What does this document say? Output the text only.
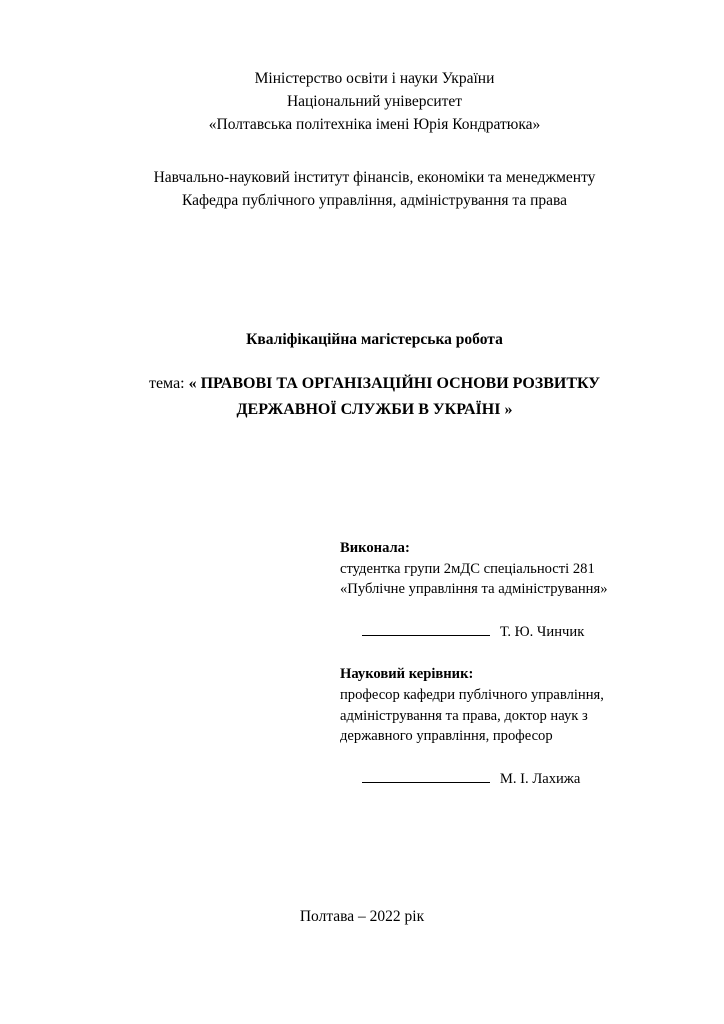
Міністерство освіти і науки України
Національний університет
«Полтавська політехніка імені Юрія Кондратюка»
Навчально-науковий інститут фінансів, економіки та менеджменту
Кафедра публічного управління, адміністрування та права
Кваліфікаційна магістерська робота
тема: « ПРАВОВІ ТА ОРГАНІЗАЦІЙНІ ОСНОВИ РОЗВИТКУ
ДЕРЖАВНОЇ СЛУЖБИ В УКРАЇНІ »
Виконала:
студентка групи 2мДС спеціальності 281
«Публічне управління та адміністрування»

Т. Ю. Чинчик

Науковий керівник:
професор кафедри публічного управління,
адміністрування та права, доктор наук з
державного управління, професор

М. І. Лахижа

Полтава – 2022 рік
